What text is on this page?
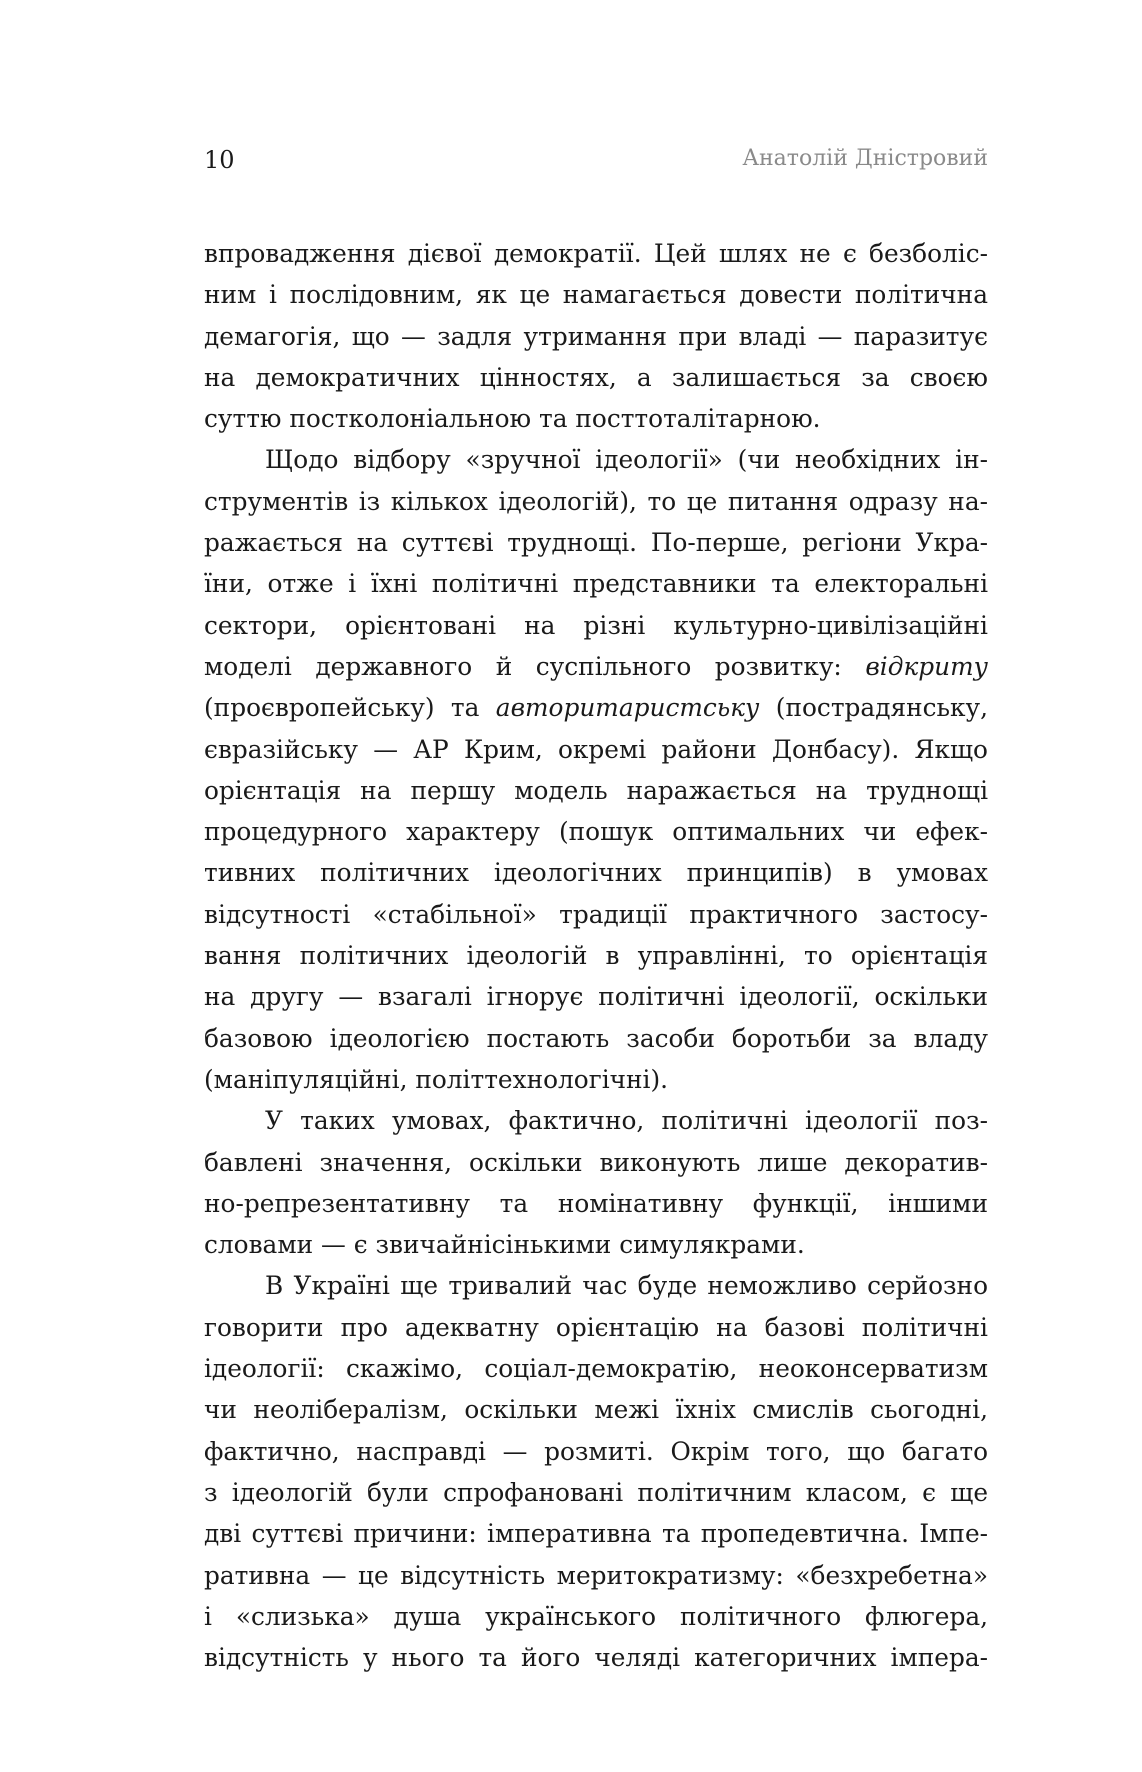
10	Анатолій Дністровий
впровадження дієвої демократії. Цей шлях не є безболіс-
ним і послідовним, як це намагається довести політична
демагогія, що — задля утримання при владі — паразитує
на демократичних цінностях, а залишається за своєю
суттю постколоніальною та посттоталітарною.
Щодо відбору «зручної ідеології» (чи необхідних ін-
струментів із кількох ідеологій), то це питання одразу на-
ражається на суттєві труднощі. По-перше, регіони Укра-
їни, отже і їхні політичні представники та електоральні
сектори, орієнтовані на різні культурно-цивілізаційні
моделі державного й суспільного розвитку: відкриту
(проєвропейську) та авторитаристську (пострадянську,
євразійську — АР Крим, окремі райони Донбасу). Якщо
орієнтація на першу модель наражається на труднощі
процедурного характеру (пошук оптимальних чи ефек-
тивних політичних ідеологічних принципів) в умовах
відсутності «стабільної» традиції практичного застосу-
вання політичних ідеологій в управлінні, то орієнтація
на другу — взагалі ігнорує політичні ідеології, оскільки
базовою ідеологією постають засоби боротьби за владу
(маніпуляційні, політтехнологічні).
У таких умовах, фактично, політичні ідеології поз-
бавлені значення, оскільки виконують лише декоратив-
но-репрезентативну та номінативну функції, іншими
словами — є звичайнісінькими симулякрами.
В Україні ще тривалий час буде неможливо серйозно
говорити про адекватну орієнтацію на базові політичні
ідеології: скажімо, соціал-демократію, неоконсерватизм
чи неолібералізм, оскільки межі їхніх смислів сьогодні,
фактично, насправді — розмиті. Окрім того, що багато
з ідеологій були спрофановані політичним класом, є ще
дві суттєві причини: імперативна та пропедевтична. Імпе-
ративна — це відсутність меритократизму: «безхребетна»
і «слизька» душа українського політичного флюгера,
відсутність у нього та його челяді категоричних імпера-
